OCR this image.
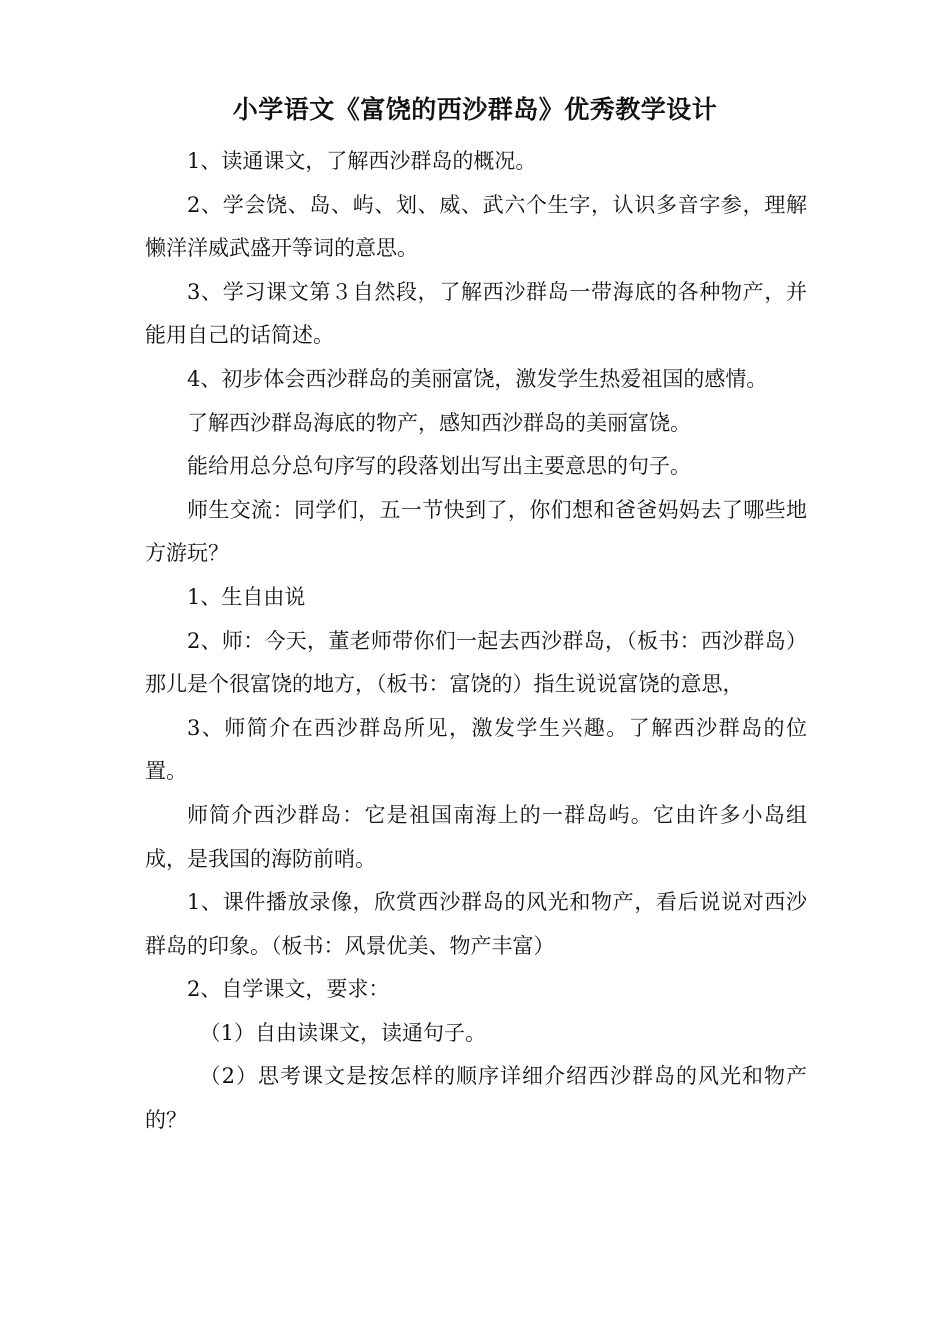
小学语文《富饶的西沙群岛》优秀教学设计

1、读通课文，了解西沙群岛的概况。

2、学会饶、岛、屿、划、威、武六个生字，认识多音字参，理解懒洋洋威武盛开等词的意思。

3、学习课文第３自然段，了解西沙群岛一带海底的各种物产，并能用自己的话简述。

4、初步体会西沙群岛的美丽富饶，激发学生热爱祖国的感情。

了解西沙群岛海底的物产，感知西沙群岛的美丽富饶。

能给用总分总句序写的段落划出写出主要意思的句子。

师生交流：同学们，五一节快到了，你们想和爸爸妈妈去了哪些地方游玩？

1、生自由说

2、师：今天，董老师带你们一起去西沙群岛，（板书：西沙群岛）那儿是个很富饶的地方，（板书：富饶的）指生说说富饶的意思，

3、师简介在西沙群岛所见，激发学生兴趣。了解西沙群岛的位置。

师简介西沙群岛：它是祖国南海上的一群岛屿。它由许多小岛组成，是我国的海防前哨。

1、课件播放录像，欣赏西沙群岛的风光和物产，看后说说对西沙群岛的印象。（板书：风景优美、物产丰富）

2、自学课文，要求：

（1）自由读课文，读通句子。

（2）思考课文是按怎样的顺序详细介绍西沙群岛的风光和物产的？
